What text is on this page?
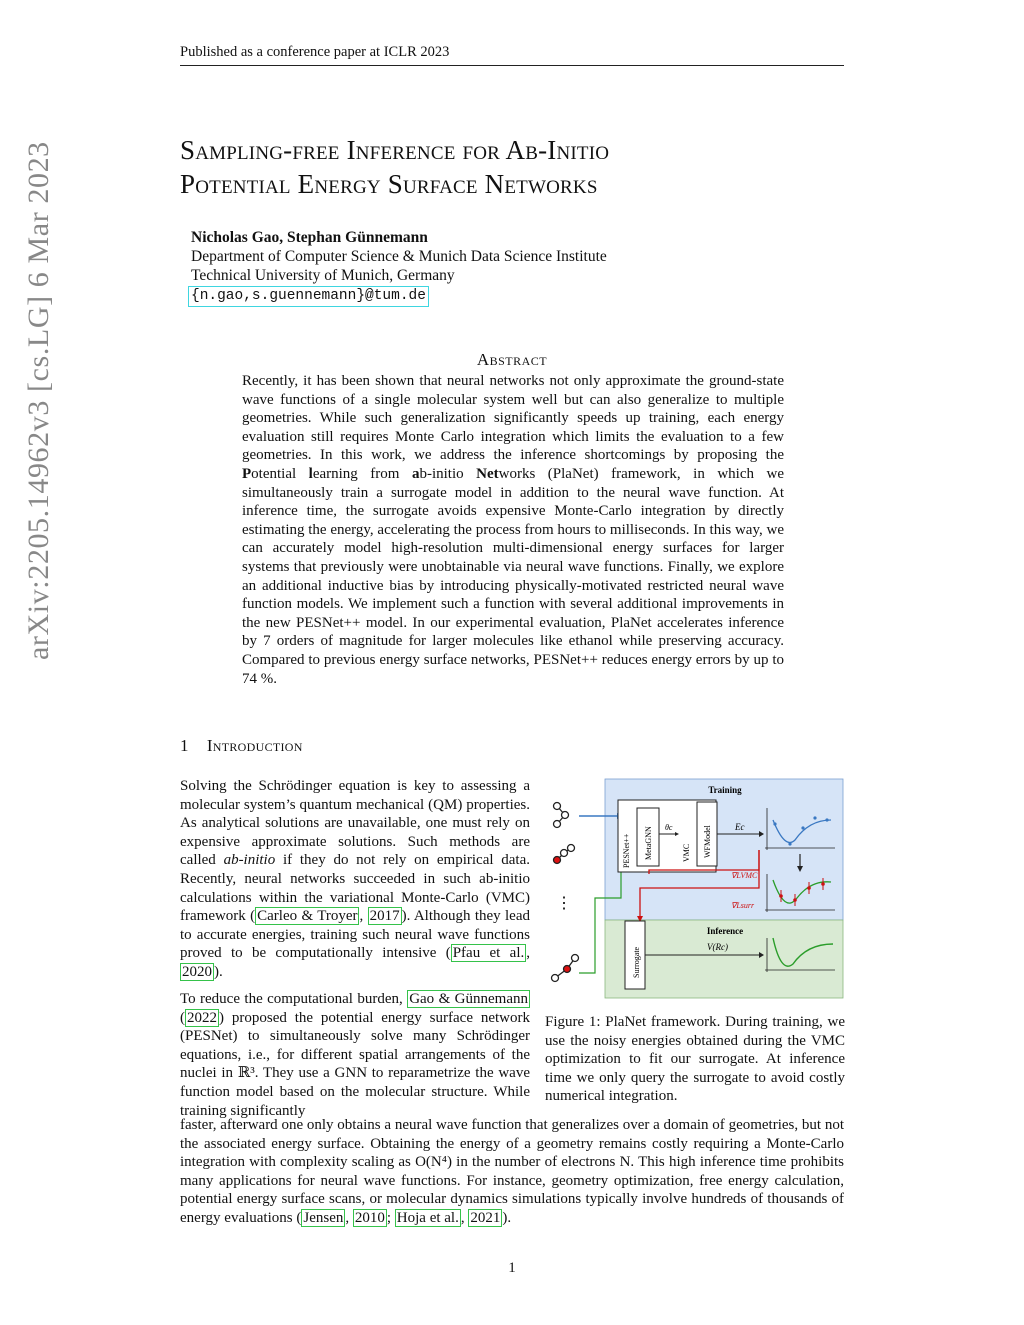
Published as a conference paper at ICLR 2023
Sampling-free Inference for Ab-Initio
Potential Energy Surface Networks
Nicholas Gao, Stephan Günnemann
Department of Computer Science & Munich Data Science Institute
Technical University of Munich, Germany
{n.gao,s.guennemann}@tum.de
Abstract

Recently, it has been shown that neural networks not only approximate the ground-state wave functions of a single molecular system well but can also generalize to multiple geometries. While such generalization significantly speeds up training, each energy evaluation still requires Monte Carlo integration which limits the evaluation to a few geometries. In this work, we address the inference shortcomings by proposing the Potential learning from ab-initio Networks (PlaNet) framework, in which we simultaneously train a surrogate model in addition to the neural wave function. At inference time, the surrogate avoids expensive Monte-Carlo integration by directly estimating the energy, accelerating the process from hours to milliseconds. In this way, we can accurately model high-resolution multi-dimensional energy surfaces for larger systems that previously were unobtainable via neural wave functions. Finally, we explore an additional inductive bias by introducing physically-motivated restricted neural wave function models. We implement such a function with several additional improvements in the new PESNet++ model. In our experimental evaluation, PlaNet accelerates inference by 7 orders of magnitude for larger molecules like ethanol while preserving accuracy. Compared to previous energy surface networks, PESNet++ reduces energy errors by up to 74 %.

1 Introduction
Solving the Schrödinger equation is key to assessing a molecular system’s quantum mechanical (QM) properties. As analytical solutions are unavailable, one must rely on expensive approximate solutions. Such methods are called ab-initio if they do not rely on empirical data. Recently, neural networks succeeded in such ab-initio calculations within the variational Monte-Carlo (VMC) framework ( Carleo & Troyer , 2017 ). Although they lead to accurate energies, training such neural wave functions proved to be computationally intensive ( Pfau et al. , 2020 ).
To reduce the computational burden, Gao & Günnemann ( 2022 ) proposed the potential energy surface network (PESNet) to simultaneously solve many Schrödinger equations, i.e., for different spatial arrangements of the nuclei in ℝ³. They use a GNN to reparametrize the wave function model based on the molecular structure. While training significantly
faster, afterward one only obtains a neural wave function that generalizes over a domain of geometries, but not the associated energy surface. Obtaining the energy of a geometry remains costly requiring a Monte-Carlo integration with complexity scaling as O(N⁴) in the number of electrons N. This high inference time prohibits many applications for neural wave functions. For instance, geometry optimization, free energy calculation, potential energy surface scans, or molecular dynamics simulations typically involve hundreds of thousands of energy evaluations ( Jensen , 2010 ; Hoja et al. , 2021 ).
Training
Inference
⋮
PESNet++ MetaGNN θc
VMC WFModel	Ec
∇LVMC
∇Lsurr
Surrogate	V(Rc)
Figure 1: PlaNet framework. During training, we use the noisy energies obtained during the VMC optimization to fit our surrogate. At inference time we only query the surrogate to avoid costly numerical integration.
arXiv:2205.14962v3 [cs.LG] 6 Mar 2023
1
